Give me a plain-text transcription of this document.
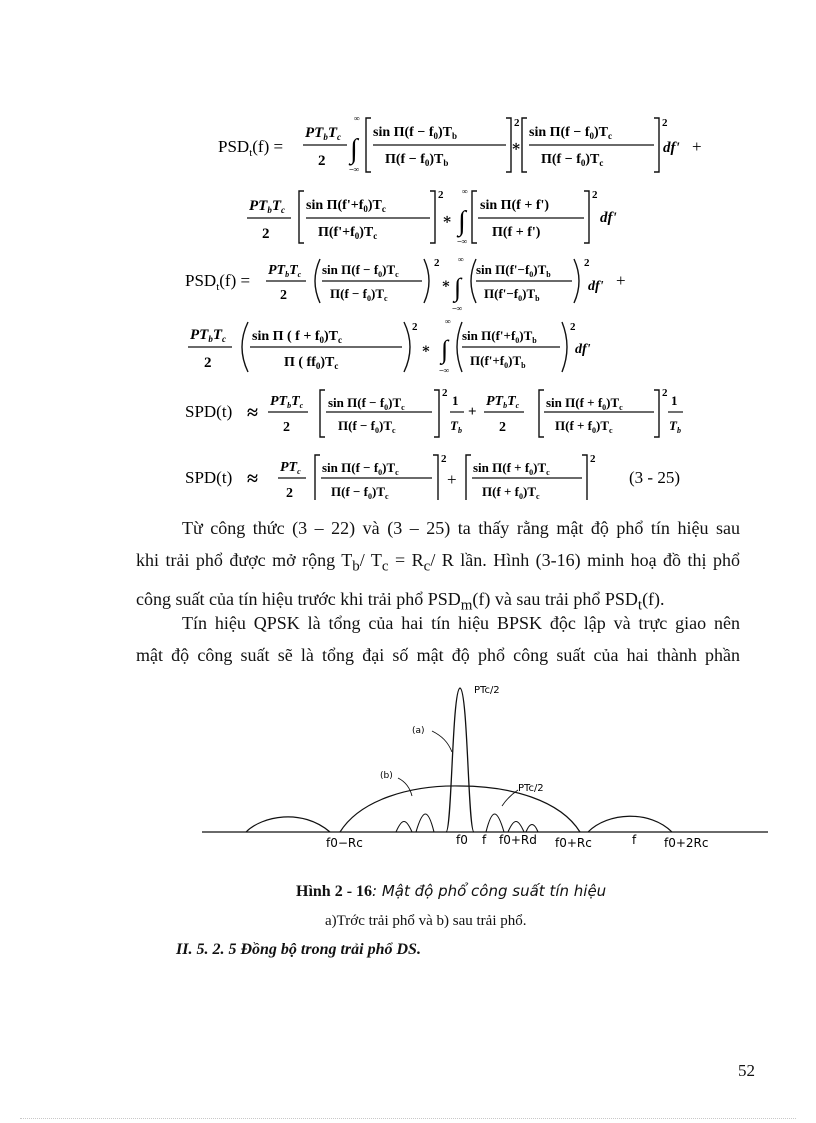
$PSD_t(f)$ =
$PT_bT_c$
2 ∫
∞
−∞
$\sin \Pi(f - f_0)T_b$
$\Pi(f - f_0)T_b$
2
∗
$\sin \Pi(f - f_0)T_c$
$\Pi(f - f_0)T_c$
2
df' +
$PT_bT_c$
2
$\sin \Pi(f'+f_0)T_c$
$\Pi(f'+f_0)T_c$
2
∗ ∫
∞
−∞
sin Π(f + f')
Π(f + f')
2
df'
$PSD_t(f)$ =
$PT_bT_c$
2
$\sin \Pi(f - f_0)T_c$
$\Pi(f - f_0)T_c$
2
∗ ∫
∞
−∞
$\sin \Pi(f'-f_0)T_b$
$\Pi(f'-f_0)T_b$
2
df' +
$PT_bT_c$
2
sin Π ( $f + f_0)T_c$
Π ( $ff_0)T_c$
2
∗ ∫
∞
−∞
$\sin \Pi(f'+f_0)T_b$
$\Pi(f'+f_0)T_b$
2
df'
SPD(t) ≈
$PT_bT_c$
2
$\sin \Pi(f - f_0)T_c$
$\Pi(f - f_0)T_c$
2 1
$T_b$
+
$PT_bT_c$
2
$\sin \Pi(f + f_0)T_c$
$\Pi(f + f_0)T_c$
2 1
$T_b$
SPD(t) ≈
$PT_c$
2
$\sin \Pi(f - f_0)T_c$
$\Pi(f - f_0)T_c$
2
+
$\sin \Pi(f + f_0)T_c$
$\Pi(f + f_0)T_c$
2
(3 - 25)
Từ công thức (3 – 22) và (3 – 25) ta thấy rằng mật độ phổ tín hiệu sau
khi trải phổ được mở rộng $T_b/$ $T_c = R_c/$ R lần. Hình (3-16) minh hoạ đồ thị phổ
công suất của tín hiệu trước khi trải phổ $PSD_m(f)$ và sau trải phổ $PSD_t(f)$.
Tín hiệu QPSK là tổng của hai tín hiệu BPSK độc lập và trực giao nên
mật độ công suất sẽ là tổng đại số mật độ phổ công suất của hai thành phần
PTc/2
(a)
(b)
PTc/2
f0−Rc	f0 f f0+Rd f0+Rc	f f0+2Rc
Hình 2 - 16: Mật độ phổ công suất tín hiệu
a)Trớc trải phổ và b) sau trải phổ.
II. 5. 2. 5 Đồng bộ trong trải phổ DS.
52
